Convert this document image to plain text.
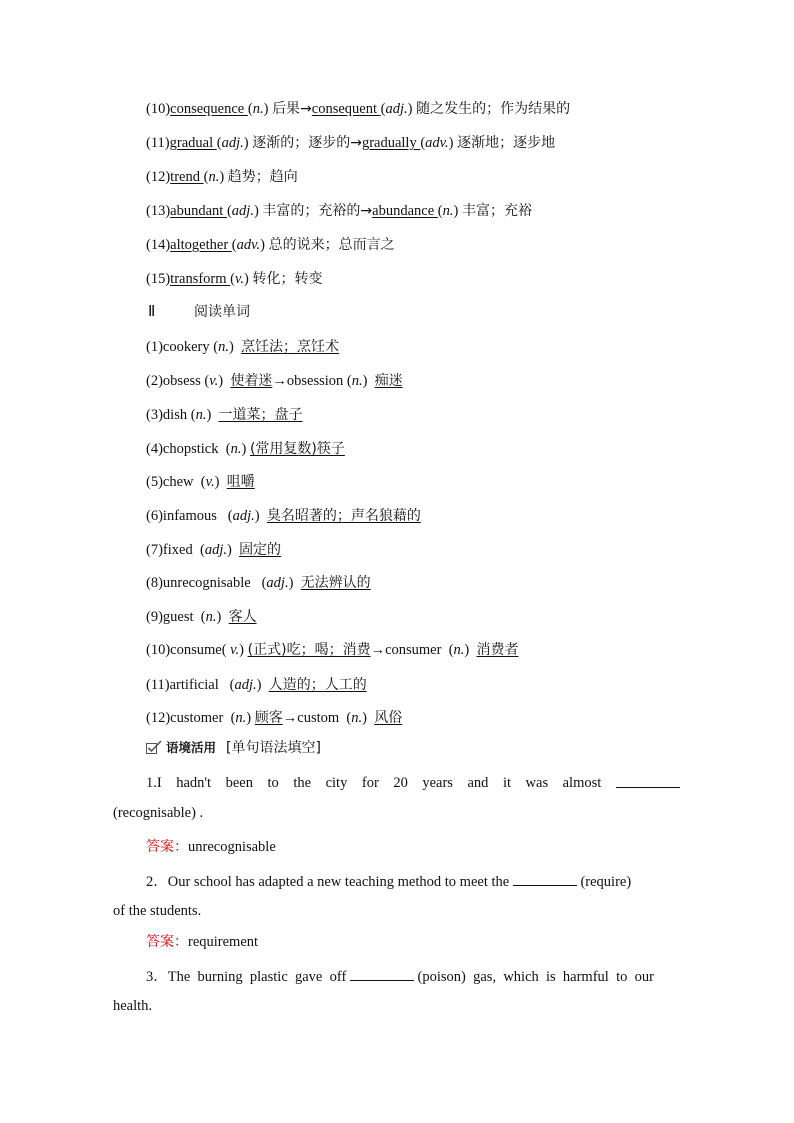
(10)consequence (n.) 后果→consequent (adj.) 随之发生的；作为结果的
(11)gradual (adj.) 逐渐的；逐步的→gradually (adv.) 逐渐地；逐步地
(12)trend (n.) 趋势；趋向
(13)abundant (adj.) 丰富的；充裕的→abundance (n.) 丰富；充裕
(14)altogether (adv.) 总的说来；总而言之
(15)transform (v.) 转化；转变
Ⅱ	阅读单词
(1)cookery (n.)  烹饪法；烹饪术
(2)obsess (v.)  使着迷→obsession (n.)  痴迷
(3)dish (n.)  一道菜；盘子
(4)chopstick  (n.) (常用复数)筷子
(5)chew  (v.)  咀嚼
(6)infamous   (adj.)  臭名昭著的；声名狼藉的
(7)fixed  (adj.)  固定的
(8)unrecognisable   (adj.)  无法辨认的
(9)guest  (n.)  客人
(10)consume( v.) (正式)吃；喝；消费→consumer  (n.)  消费者
(11)artificial   (adj.)  人造的；人工的
(12)customer  (n.) 顾客→custom  (n.)  风俗
语境活用 [单句语法填空]
1.I hadn't been to the city for 20 years and it was almost
(recognisable) .
答案：unrecognisable
2．Our school has adapted a new teaching method to meet the	(require)
of the students.
答案：requirement
3．The  burning  plastic  gave  off	(poison)  gas,  which  is  harmful  to  our
health.
